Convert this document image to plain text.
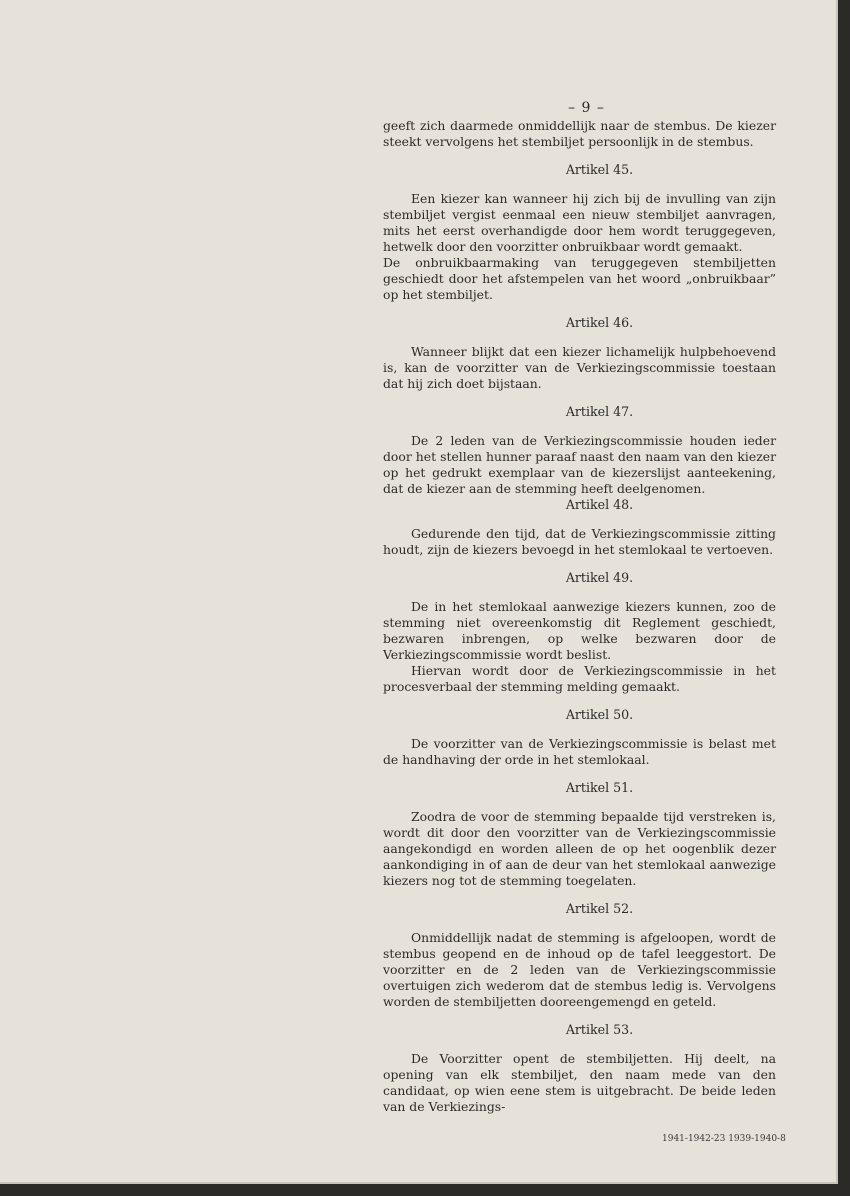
– 9 –

geeft zich daarmede onmiddellijk naar de stembus. De kiezer steekt vervolgens het stembiljet persoonlijk in de stembus.

Artikel 45.

Een kiezer kan wanneer hij zich bij de invulling van zijn stembiljet vergist eenmaal een nieuw stembiljet aanvragen, mits het eerst overhandigde door hem wordt teruggegeven, hetwelk door den voorzitter onbruikbaar wordt gemaakt.

De onbruikbaarmaking van teruggegeven stembiljetten geschiedt door het afstempelen van het woord „onbruikbaar” op het stembiljet.

Artikel 46.

Wanneer blijkt dat een kiezer lichamelijk hulpbehoevend is, kan de voorzitter van de Verkiezingscommissie toestaan dat hij zich doet bijstaan.

Artikel 47.

De 2 leden van de Verkiezingscommissie houden ieder door het stellen hunner paraaf naast den naam van den kiezer op het gedrukt exemplaar van de kiezerslijst aanteekening, dat de kiezer aan de stemming heeft deelgenomen.

Artikel 48.

Gedurende den tijd, dat de Verkiezingscommissie zitting houdt, zijn de kiezers bevoegd in het stemlokaal te vertoeven.

Artikel 49.

De in het stemlokaal aanwezige kiezers kunnen, zoo de stemming niet overeenkomstig dit Reglement geschiedt, bezwaren inbrengen, op welke bezwaren door de Verkiezingscommissie wordt beslist.

Hiervan wordt door de Verkiezingscommissie in het procesverbaal der stemming melding gemaakt.

Artikel 50.

De voorzitter van de Verkiezingscommissie is belast met de handhaving der orde in het stemlokaal.

Artikel 51.

Zoodra de voor de stemming bepaalde tijd verstreken is, wordt dit door den voorzitter van de Verkiezingscommissie aangekondigd en worden alleen de op het oogenblik dezer aankondiging in of aan de deur van het stemlokaal aanwezige kiezers nog tot de stemming toegelaten.

Artikel 52.

Onmiddellijk nadat de stemming is afgeloopen, wordt de stembus geopend en de inhoud op de tafel leeggestort. De voorzitter en de 2 leden van de Verkiezingscommissie overtuigen zich wederom dat de stembus ledig is. Vervolgens worden de stembiljetten dooreengemengd en geteld.

Artikel 53.

De Voorzitter opent de stembiljetten. Hij deelt, na opening van elk stembiljet, den naam mede van den candidaat, op wien eene stem is uitgebracht. De beide leden van de Verkiezings-

1941-1942-23 1939-1940-8
